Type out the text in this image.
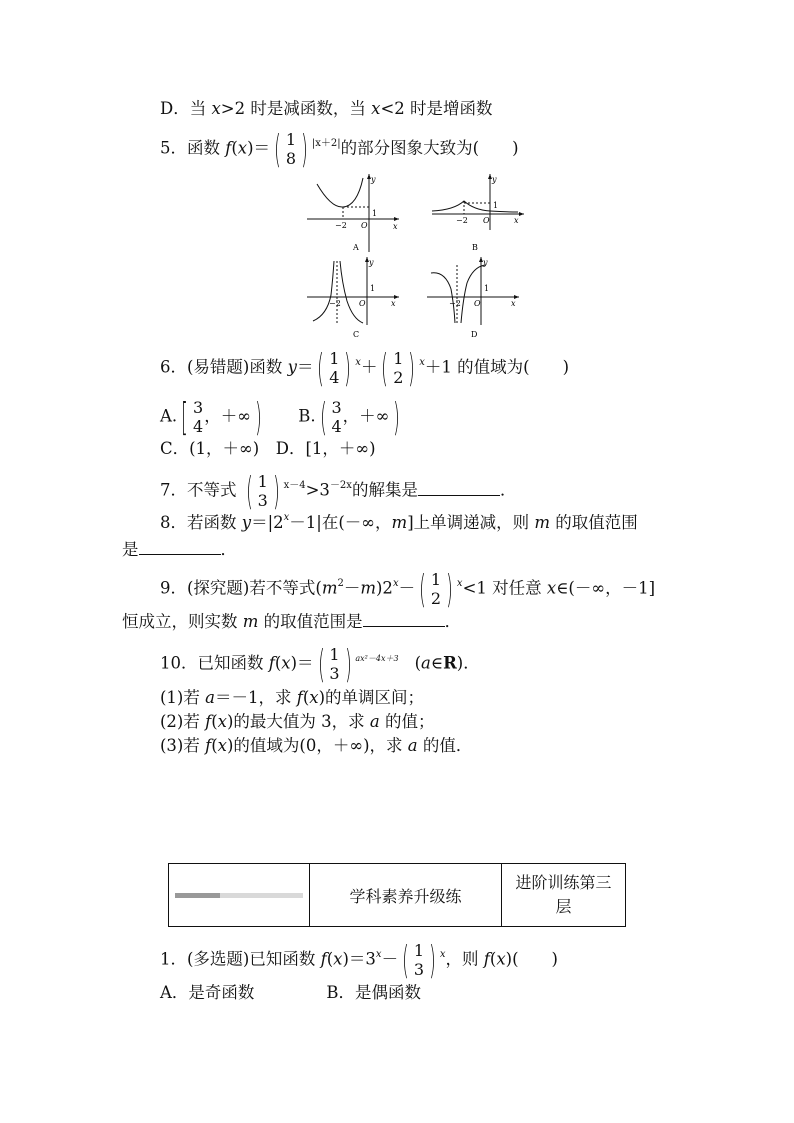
D．当 x>2 时是减函数，当 x<2 时是增函数
5．函数 f(x)＝ ( 1
8 ) $^{|x+2|}$的部分图象大致为(　　)
y
x
O
1
−2
A
y
x
O
1
−2
B
y
x
O
1
−2
C
y
x
O
1
−2
D
6．(易错题)函数 y＝ ( 1
4 ) $^x$＋ ( 1
2 ) $^x$＋1 的值域为(　　)
A. [ 3
4
，＋∞ ) B. ( 3
4
，＋∞ )
C．(1，＋∞)　D．[1，＋∞)
7．不等式 ( 1
3 ) $^{x-4}>3^{-2x}$的解集是	．
8．若函数 $y=|2^x-1|$在(－∞，m]上单调递减，则 m 的取值范围
是	．
9．(探究题)若不等式$(m^2-m)2^x-$ ( 1
2 ) $^x$<1 对任意 x∈(－∞，－1]
恒成立，则实数 m 的取值范围是	．
10．已知函数 f(x)＝ ( 1
3 ) $^{ax^2-4x+3}$ (a∈R)．
(1)若 a＝－1，求 f(x)的单调区间；
(2)若 f(x)的最大值为 3，求 a 的值；
(3)若 f(x)的值域为(0，＋∞)，求 a 的值．
学科素养升级练
进阶训练第三层
1．(多选题)已知函数 $f(x)=3^x-$ ( 1
3 ) $^x$，则 f(x)(　　)
A．是奇函数	B．是偶函数
